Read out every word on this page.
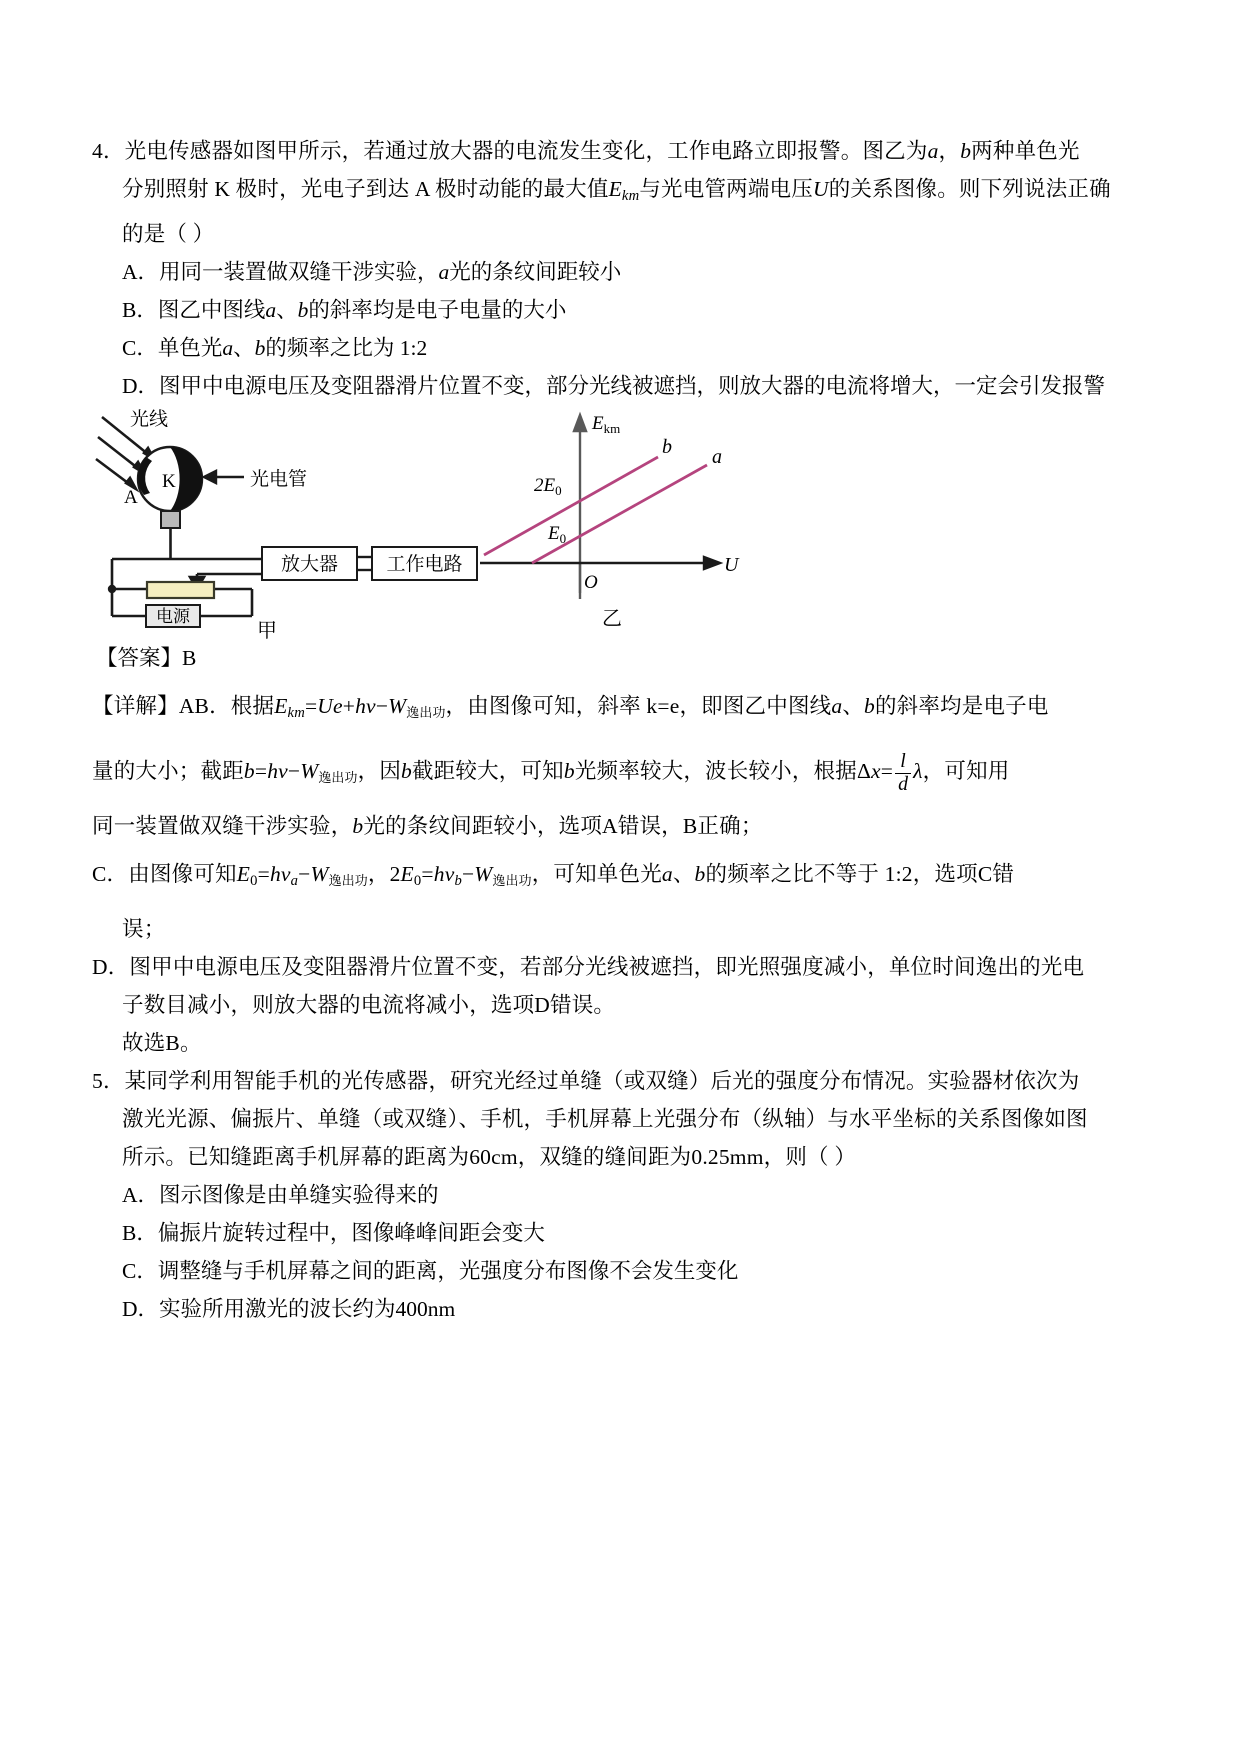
4．光电传感器如图甲所示，若通过放大器的电流发生变化，工作电路立即报警。图乙为a，b两种单色光
分别照射 K 极时，光电子到达 A 极时动能的最大值$E_{km}$与光电管两端电压U的关系图像。则下列说法正确
的是（ ）
A．用同一装置做双缝干涉实验，a光的条纹间距较小
B．图乙中图线a、b的斜率均是电子电量的大小
C．单色光a、b的频率之比为 1:2
D．图甲中电源电压及变阻器滑片位置不变，部分光线被遮挡，则放大器的电流将增大，一定会引发报警
光线
K
A
光电管
放大器	工作电路
电源
甲
$E_{km}$
U
O
$2E_0$
$E_0$
b a
乙
【答案】B
【详解】AB．根据$E_{km}=Ue+hv-W$逸出功，由图像可知，斜率 k=e，即图乙中图线a、b的斜率均是电子电
量的大小；截距b=hv−W逸出功，因b截距较大，可知b光频率较大，波长较小，根据$\Delta x= \frac{l}{d}$ λ，可知用
同一装置做双缝干涉实验，b光的条纹间距较小，选项A错误，B正确；
C．由图像可知$E0=hv_a-W$逸出功，$2E0=hv_b-W$逸出功，可知单色光a、b的频率之比不等于 1:2，选项C错
误；
D．图甲中电源电压及变阻器滑片位置不变，若部分光线被遮挡，即光照强度减小，单位时间逸出的光电
子数目减小，则放大器的电流将减小，选项D错误。
故选B。
5．某同学利用智能手机的光传感器，研究光经过单缝（或双缝）后光的强度分布情况。实验器材依次为
激光光源、偏振片、单缝（或双缝）、手机，手机屏幕上光强分布（纵轴）与水平坐标的关系图像如图
所示。已知缝距离手机屏幕的距离为60cm，双缝的缝间距为0.25mm，则（ ）
A．图示图像是由单缝实验得来的
B．偏振片旋转过程中，图像峰峰间距会变大
C．调整缝与手机屏幕之间的距离，光强度分布图像不会发生变化
D．实验所用激光的波长约为400nm
